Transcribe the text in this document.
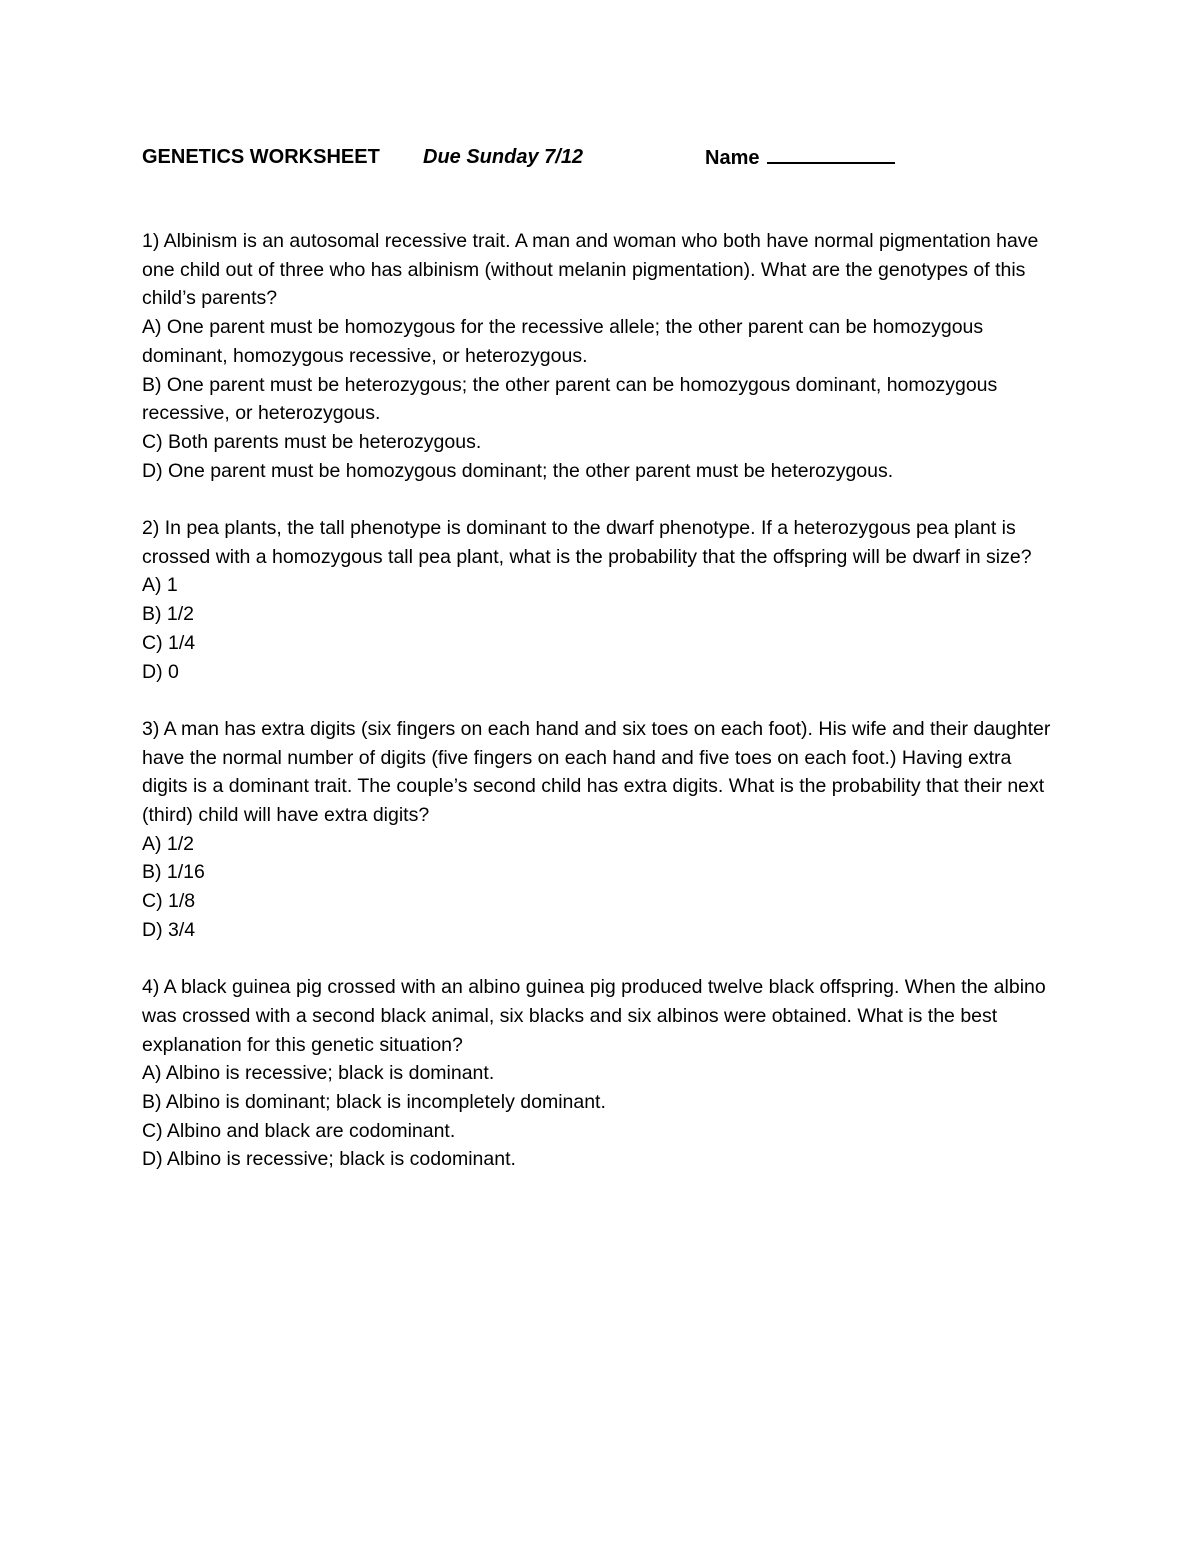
GENETICS WORKSHEET Due Sunday 7/12	Name

1) Albinism is an autosomal recessive trait. A man and woman who both have normal pigmentation have one child out of three who has albinism (without melanin pigmentation). What are the genotypes of this child’s parents?

A) One parent must be homozygous for the recessive allele; the other parent can be homozygous dominant, homozygous recessive, or heterozygous.

B) One parent must be heterozygous; the other parent can be homozygous dominant, homozygous recessive, or heterozygous.

C) Both parents must be heterozygous.

D) One parent must be homozygous dominant; the other parent must be heterozygous.

2) In pea plants, the tall phenotype is dominant to the dwarf phenotype. If a heterozygous pea plant is crossed with a homozygous tall pea plant, what is the probability that the offspring will be dwarf in size?

A) 1

B) 1/2

C) 1/4

D) 0

3) A man has extra digits (six fingers on each hand and six toes on each foot). His wife and their daughter have the normal number of digits (five fingers on each hand and five toes on each foot.) Having extra digits is a dominant trait. The couple’s second child has extra digits. What is the probability that their next (third) child will have extra digits?

A) 1/2

B) 1/16

C) 1/8

D) 3/4

4) A black guinea pig crossed with an albino guinea pig produced twelve black offspring. When the albino was crossed with a second black animal, six blacks and six albinos were obtained. What is the best explanation for this genetic situation?

A) Albino is recessive; black is dominant.

B) Albino is dominant; black is incompletely dominant.

C) Albino and black are codominant.

D) Albino is recessive; black is codominant.
